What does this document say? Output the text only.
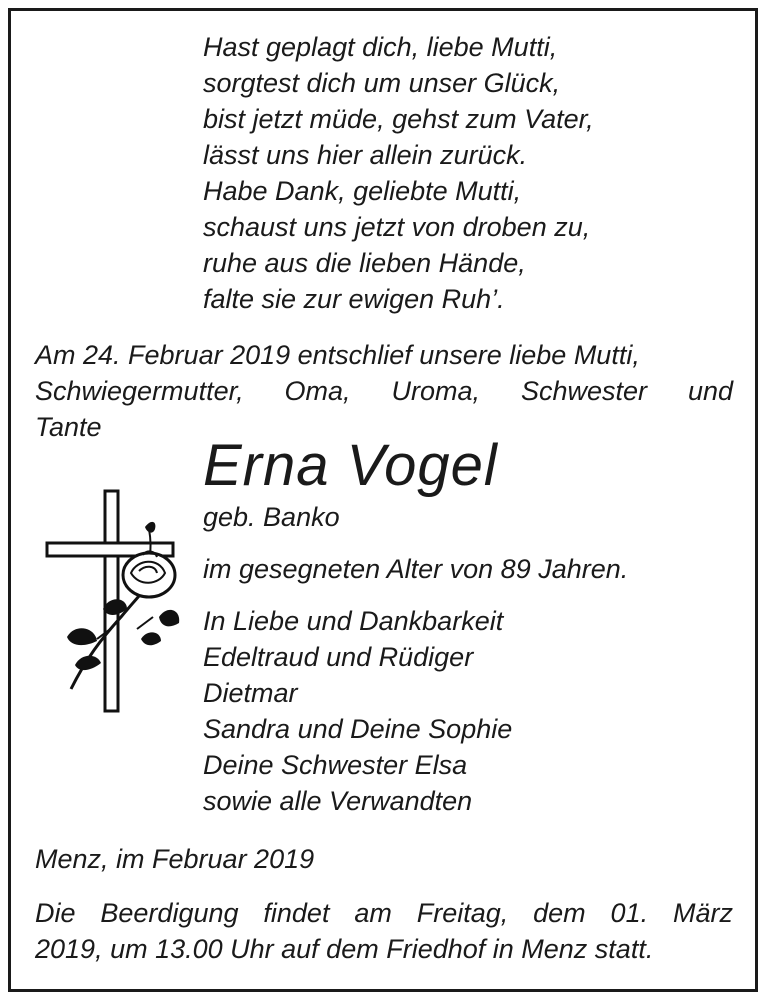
Hast geplagt dich, liebe Mutti,

sorgtest dich um unser Glück,

bist jetzt müde, gehst zum Vater,

lässt uns hier allein zurück.

Habe Dank, geliebte Mutti,

schaust uns jetzt von droben zu,

ruhe aus die lieben Hände,

falte sie zur ewigen Ruh’.

Am 24. Februar 2019 entschlief unsere liebe Mutti,

Schwiegermutter, Oma, Uroma, Schwester und

Tante

Erna Vogel

geb. Banko

im gesegneten Alter von 89 Jahren.

In Liebe und Dankbarkeit

Edeltraud und Rüdiger

Dietmar

Sandra und Deine Sophie

Deine Schwester Elsa

sowie alle Verwandten

Menz, im Februar 2019

Die Beerdigung findet am Freitag, dem 01. März

2019, um 13.00 Uhr auf dem Friedhof in Menz statt.
